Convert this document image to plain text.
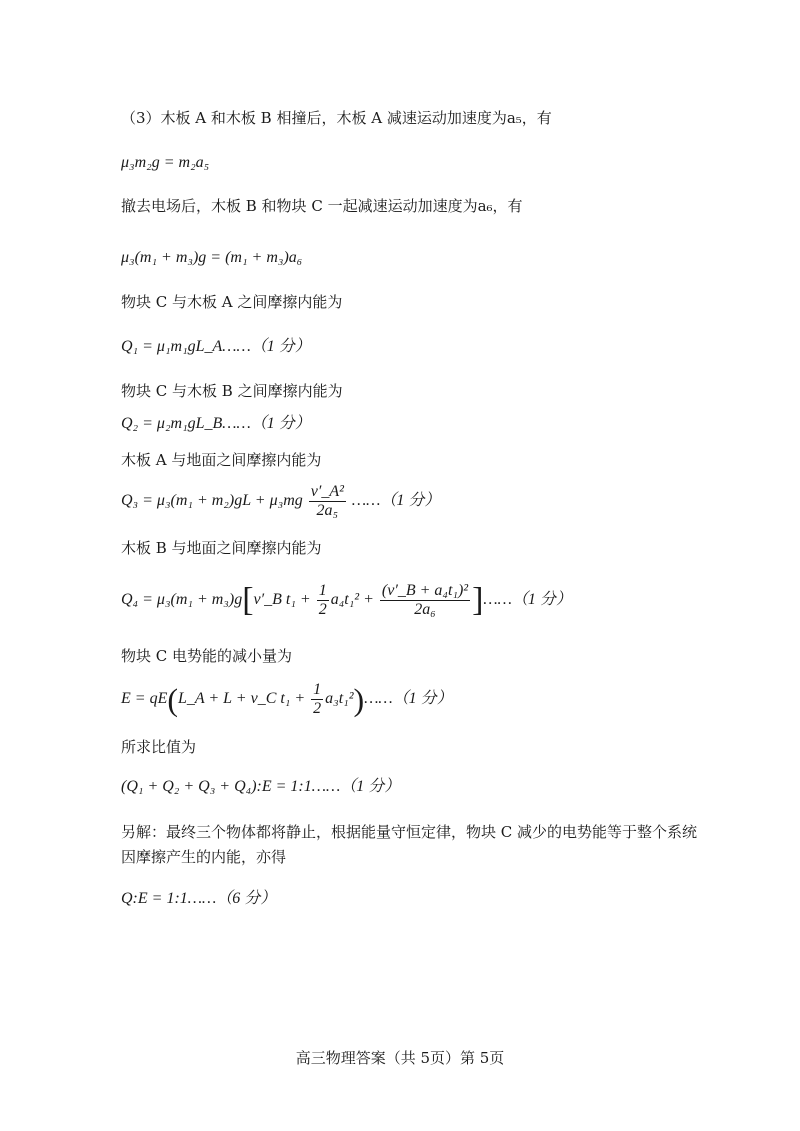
（3）木板 A 和木板 B 相撞后，木板 A 减速运动加速度为a₅，有
μ₃m₂g = m₂a₅
撤去电场后，木板 B 和物块 C 一起减速运动加速度为a₆，有
μ₃(m₁ + m₃)g = (m₁ + m₃)a₆
物块 C 与木板 A 之间摩擦内能为
Q₁ = μ₁m₁gL_A……（1 分）
物块 C 与木板 B 之间摩擦内能为
Q₂ = μ₂m₁gL_B……（1 分）
木板 A 与地面之间摩擦内能为
$Q_3 = \mu_3(m_1 + m_2)gL + \mu_3mg \frac{\text{v′\_A²}}{\text{2a₅}}$ ……（1 分）
木板 B 与地面之间摩擦内能为
Q₄ = μ₃(m₁ + m₃)g[v′_B $t_1 + \frac{1}{2} a_4t_1^2 + \frac{\text{(v′\_B + a₄t₁)²}}{\text{2a₆}}$ ]……（1 分）
物块 C 电势能的减小量为
E = qE(L_A + L + v_C $t_1 + \frac{1}{2}$ a₃t₁²)……（1 分）
所求比值为
(Q₁ + Q₂ + Q₃ + Q₄):E = 1:1……（1 分）
另解：最终三个物体都将静止，根据能量守恒定律，物块 C 减少的电势能等于整个系统
因摩擦产生的内能，亦得
Q:E = 1:1……（6 分）
高三物理答案（共 5页）第 5页
